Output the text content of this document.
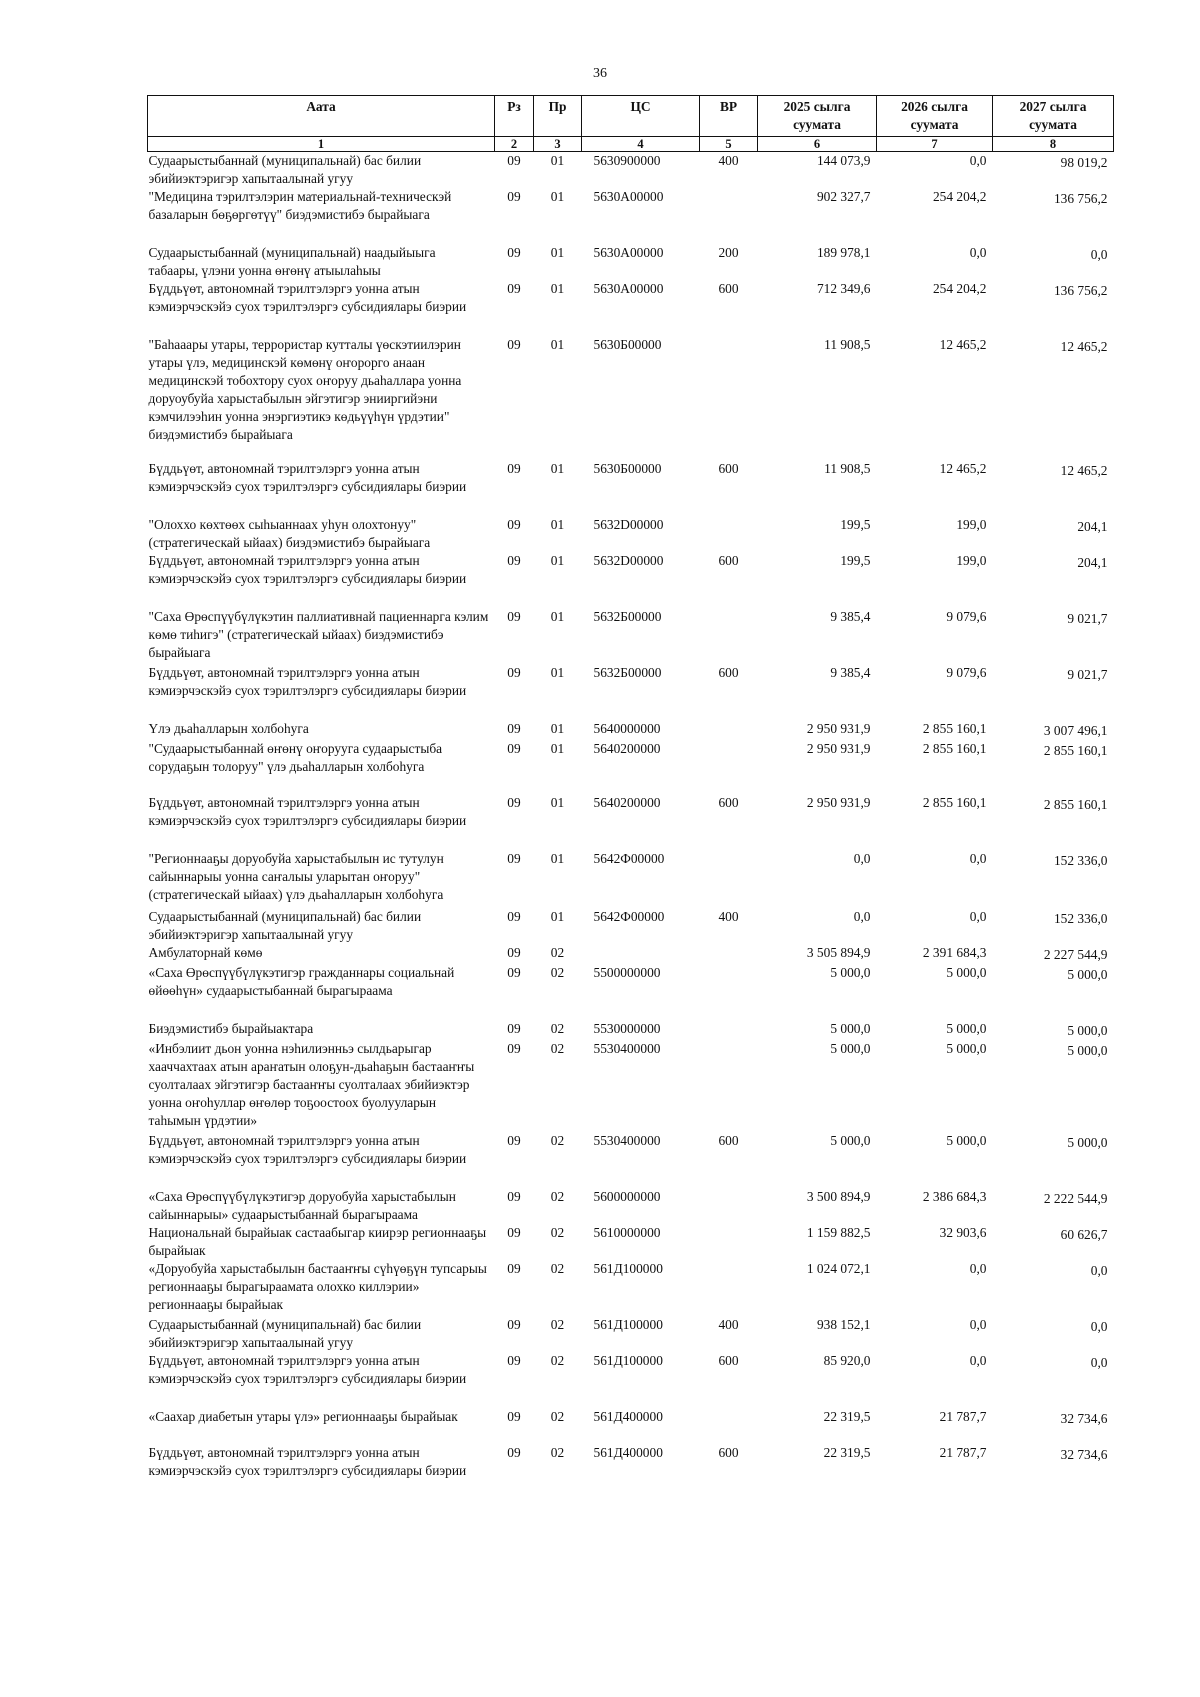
36
Аата	Рз	Пр	ЦС	ВР	2025 сылга суумата	2026 сылга суумата	2027 сылга суумата
1	2	3	4	5	6	7	8
Судаарыстыбаннай (муниципальнай) бас билии эбийиэктэригэр хапытаалынай угуу	09	01	5630900000	400	144 073,9	0,0	98 019,2
"Медицина тэрилтэлэрин материальнай-техническэй базаларын бөҕөргөтүү" биэдэмистибэ бырайыага	09	01	5630А00000		902 327,7	254 204,2	136 756,2
Судаарыстыбаннай (муниципальнай) наадыйыыга табаары, үлэни уонна өҥөнү атыылаһыы	09	01	5630А00000	200	189 978,1	0,0	0,0
Бүддьүөт, автономнай тэрилтэлэргэ уонна атын кэмиэрчэскэйэ суох тэрилтэлэргэ субсидиялары биэрии	09	01	5630А00000	600	712 349,6	254 204,2	136 756,2
"Баһааары утары, террористар кутталы үөскэтиилэрин утары үлэ, медицинскэй көмөнү оҥорорго анаан медицинскэй тобохтору суох оҥоруу дьаһаллара уонна доруоубуйа харыстабылын эйгэтигэр энииргийэни кэмчилээһин уонна энэргиэтикэ көдьүүһүн үрдэтии" биэдэмистибэ бырайыага	09	01	5630Б00000		11 908,5	12 465,2	12 465,2
Бүддьүөт, автономнай тэрилтэлэргэ уонна атын кэмиэрчэскэйэ суох тэрилтэлэргэ субсидиялары биэрии	09	01	5630Б00000	600	11 908,5	12 465,2	12 465,2
"Олоххо көхтөөх сыһыаннаах уһун олохтонуу" (стратегическай ыйаах) биэдэмистибэ бырайыага	09	01	5632D00000		199,5	199,0	204,1
Бүддьүөт, автономнай тэрилтэлэргэ уонна атын кэмиэрчэскэйэ суох тэрилтэлэргэ субсидиялары биэрии	09	01	5632D00000	600	199,5	199,0	204,1
"Саха Өрөспүүбүлүкэтин паллиативнай пациеннарга кэлим көмө тиһигэ" (стратегическай ыйаах) биэдэмистибэ бырайыага	09	01	5632Б00000		9 385,4	9 079,6	9 021,7
Бүддьүөт, автономнай тэрилтэлэргэ уонна атын кэмиэрчэскэйэ суох тэрилтэлэргэ субсидиялары биэрии	09	01	5632Б00000	600	9 385,4	9 079,6	9 021,7
Үлэ дьаһалларын холбоһуга	09	01	5640000000		2 950 931,9	2 855 160,1	3 007 496,1
"Судаарыстыбаннай өҥөнү оҥорууга судаарыстыба сорудаҕын толоруу" үлэ дьаһалларын холбоһуга	09	01	5640200000		2 950 931,9	2 855 160,1	2 855 160,1
Бүддьүөт, автономнай тэрилтэлэргэ уонна атын кэмиэрчэскэйэ суох тэрилтэлэргэ субсидиялары биэрии	09	01	5640200000	600	2 950 931,9	2 855 160,1	2 855 160,1
"Регионнааҕы доруобуйа харыстабылын ис тутулун сайыннарыы уонна саҥалыы уларытан оҥоруу" (стратегическай ыйаах) үлэ дьаһалларын холбоһуга	09	01	5642Ф00000		0,0	0,0	152 336,0
Судаарыстыбаннай (муниципальнай) бас билии эбийиэктэригэр хапытаалынай угуу	09	01	5642Ф00000	400	0,0	0,0	152 336,0
Амбулаторнай көмө	09	02			3 505 894,9	2 391 684,3	2 227 544,9
«Саха Өрөспүүбүлүкэтигэр гражданнары социальнай өйөөһүн» судаарыстыбаннай бырагыраама	09	02	5500000000		5 000,0	5 000,0	5 000,0
Биэдэмистибэ бырайыактара	09	02	5530000000		5 000,0	5 000,0	5 000,0
«Инбэлиит дьон уонна нэһилиэнньэ сылдьарыгар хааччахтаах атын араҥатын олоҕун-дьаһаҕын бастааҥҥы суолталаах эйгэтигэр бастааҥҥы суолталаах эбийиэктэр уонна оҥоһуллар өҥөлөр тоҕоостоох буолууларын таһымын үрдэтии»	09	02	5530400000		5 000,0	5 000,0	5 000,0
Бүддьүөт, автономнай тэрилтэлэргэ уонна атын кэмиэрчэскэйэ суох тэрилтэлэргэ субсидиялары биэрии	09	02	5530400000	600	5 000,0	5 000,0	5 000,0
«Саха Өрөспүүбүлүкэтигэр доруобуйа харыстабылын сайыннарыы» судаарыстыбаннай бырагыраама	09	02	5600000000		3 500 894,9	2 386 684,3	2 222 544,9
Национальнай бырайыак састаабыгар киирэр регионнааҕы бырайыак	09	02	5610000000		1 159 882,5	32 903,6	60 626,7
«Доруобуйа харыстабылын бастааҥҥы сүһүөҕүн тупсарыы регионнааҕы бырагыраамата олохко киллэрии» регионнааҕы бырайыак	09	02	561Д100000		1 024 072,1	0,0	0,0
Судаарыстыбаннай (муниципальнай) бас билии эбийиэктэригэр хапытаалынай угуу	09	02	561Д100000	400	938 152,1	0,0	0,0
Бүддьүөт, автономнай тэрилтэлэргэ уонна атын кэмиэрчэскэйэ суох тэрилтэлэргэ субсидиялары биэрии	09	02	561Д100000	600	85 920,0	0,0	0,0
«Саахар диабетын утары үлэ» регионнааҕы бырайыак	09	02	561Д400000		22 319,5	21 787,7	32 734,6
Бүддьүөт, автономнай тэрилтэлэргэ уонна атын кэмиэрчэскэйэ суох тэрилтэлэргэ субсидиялары биэрии	09	02	561Д400000	600	22 319,5	21 787,7	32 734,6
